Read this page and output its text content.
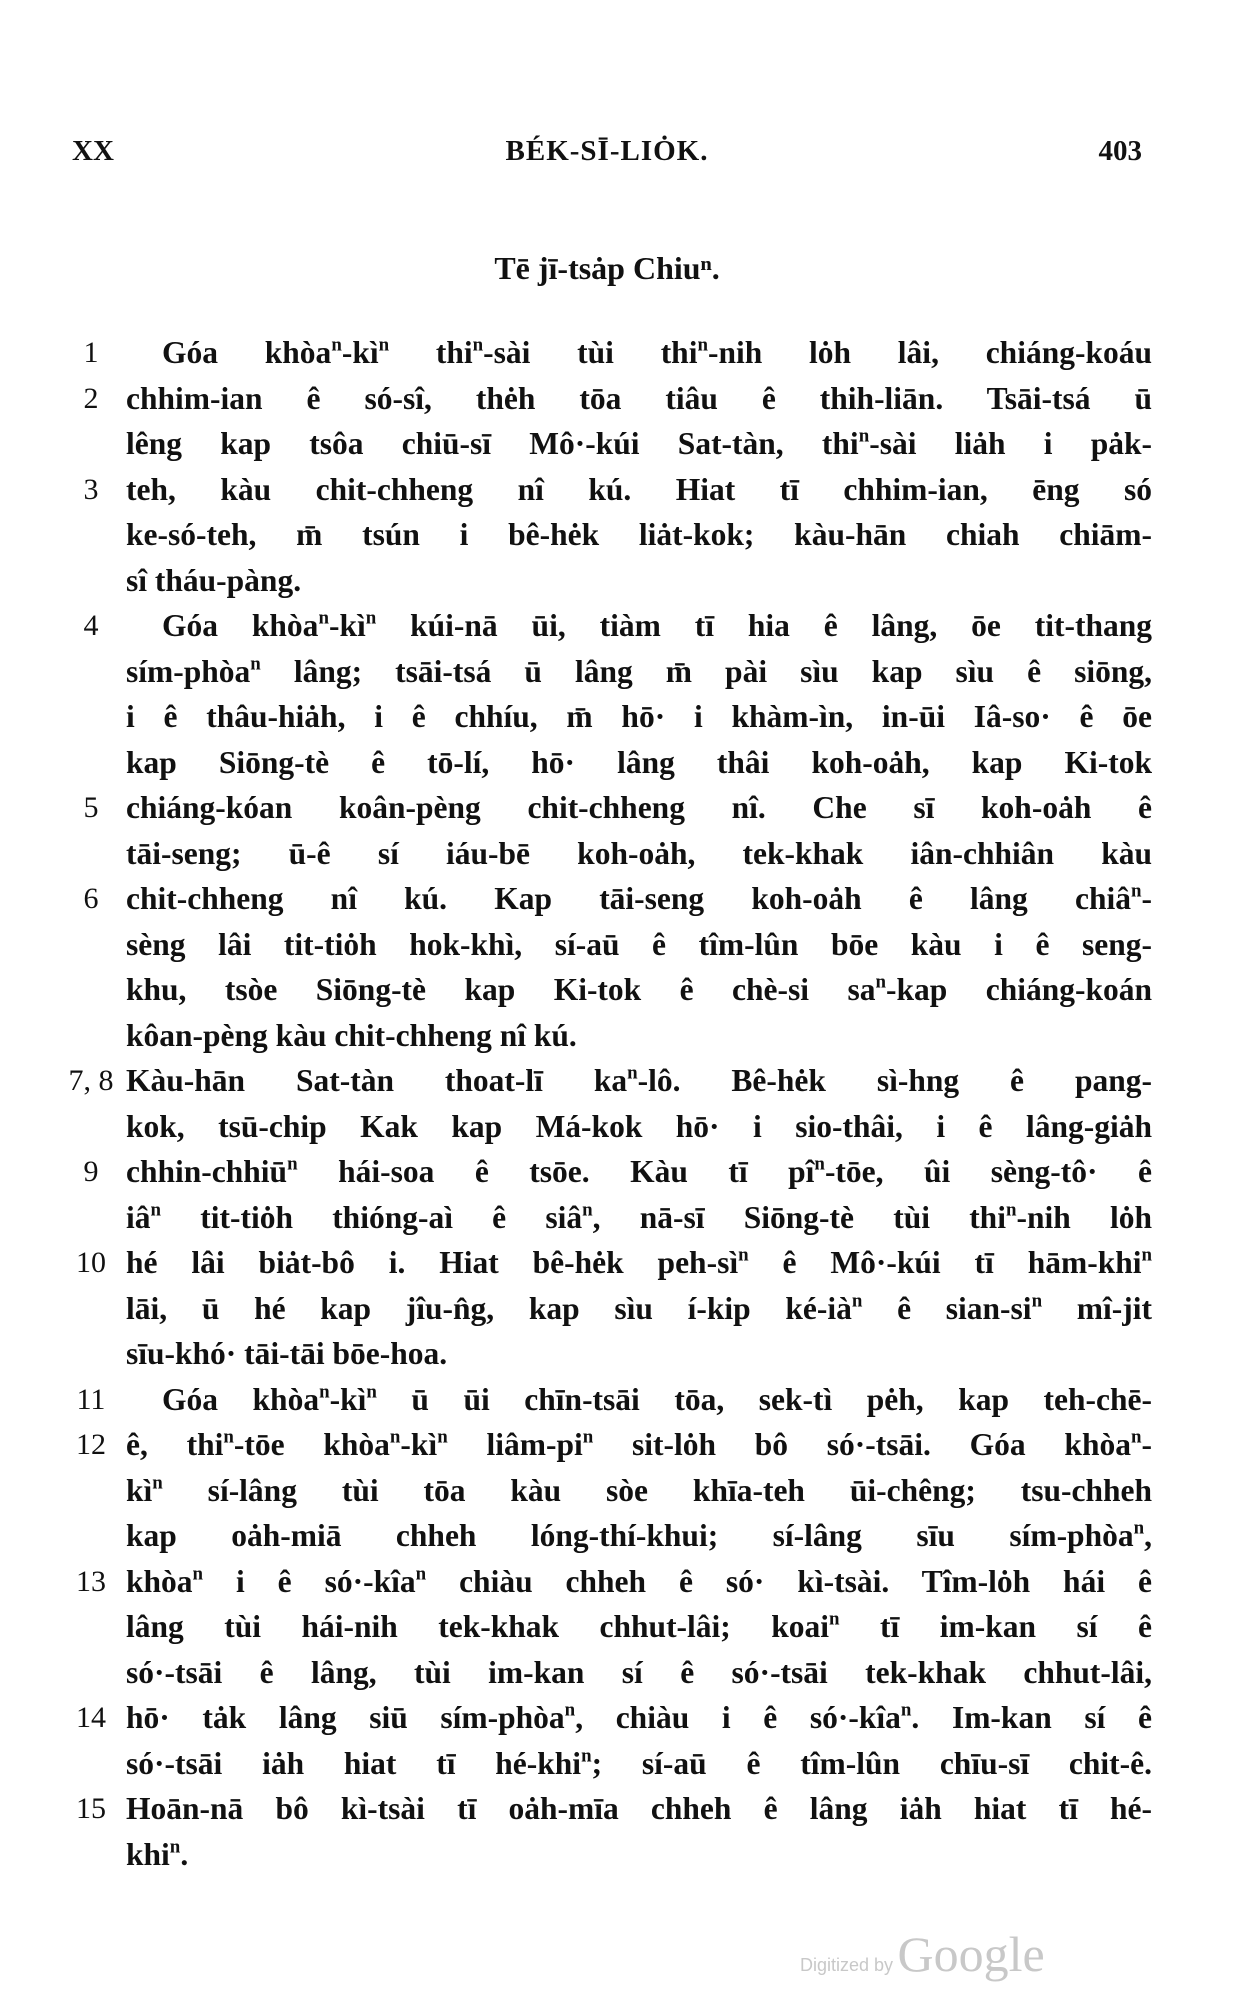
XX	BÉK-SĪ-LIȮK.	403
Tē jī-tsȧp Chiuⁿ.
1	Góa $khòa^n-kì^n$ thi$^n$-sài tùi thi$^n$-nih lȯh lâi, chiáng-koáu
2 chhim-ian ê só-sî, thėh tōa tiâu ê thih-liān. Tsāi-tsá ū
lêng kap tsôa chiū-sī Mô·-kúi Sat-tàn, thi$^n$-sài liȧh i pȧk-
3 teh, kàu chit-chheng nî kú. Hiat tī chhim-ian, ēng só
ke-só-teh, m̄ tsún i bê-hėk liȧt-kok; kàu-hān chiah chiām-
sî tháu-pàng.
4	Góa $khòa^n-kì^n$ kúi-nā ūi, tiàm tī hia ê lâng, ōe tit-thang
sím-phòa$^n$ lâng; tsāi-tsá ū lâng m̄ pài sìu kap sìu ê siōng,
i ê thâu-hiȧh, i ê chhíu, m̄ hō· i khàm-ìn, in-ūi Iâ-so· ê ōe
kap Siōng-tè ê tō-lí, hō· lâng thâi koh-oȧh, kap Ki-tok
5 chiáng-kóan koân-pèng chit-chheng nî. Che sī koh-oȧh ê
tāi-seng; ū-ê sí iáu-bē koh-oȧh, tek-khak iân-chhiân kàu
6 chit-chheng nî kú. Kap tāi-seng koh-oȧh ê lâng chiâ$^n$-
sèng lâi tit-tiȯh hok-khì, sí-aū ê tîm-lûn bōe kàu i ê seng-
khu, tsòe Siōng-tè kap Ki-tok ê chè-si $sa^n$-kap chiáng-koán
kôan-pèng kàu chit-chheng nî kú.
7, 8 Kàu-hān Sat-tàn thoat-lī $ka^n-lô$. Bê-hėk sì-hng ê pang-
kok, tsū-chip Kak kap Má-kok hō· i sio-thâi, i ê lâng-giȧh
9 chhin-chhiū$^n$ hái-soa ê tsōe. Kàu tī $pî^n$-tōe, ûi sèng-tô· ê
$iâ^n$ tit-tiȯh thióng-aì ê siâ$^n$, nā-sī Siōng-tè tùi thi$^n$-nih lȯh
10 hé lâi biȧt-bô i. Hiat bê-hėk peh-$sì^n$ ê Mô·-kúi tī hām-khi$^n$
lāi, ū hé kap jîu-n̂g, kap sìu í-kip $ké-ià^n$ ê sian-$si^n$ mî-jit
sīu-khó· tāi-tāi bōe-hoa.
11	Góa $khòa^n-kì^n$ ū ūi chīn-tsāi tōa, sek-tì pėh, kap teh-chē-
12 ê, thi$^n$-tōe $khòa^n-kì^n$ liâm-$pi^n$ sit-lȯh bô só·-tsāi. Góa khòa$^n$-
$kì^n$ sí-lâng tùi tōa kàu sòe khīa-teh ūi-chêng; tsu-chheh
kap oȧh-miā chheh lóng-thí-khui; sí-lâng sīu sím-phòa$^n$,
13 khòa$^n$ i ê só·-kîa$^n$ chiàu chheh ê só· kì-tsài. Tîm-lȯh hái ê
lâng tùi hái-nih tek-khak chhut-lâi; koai$^n$ tī im-kan sí ê
só·-tsāi ê lâng, tùi im-kan sí ê só·-tsāi tek-khak chhut-lâi,
14 hō· tȧk lâng siū sím-phòa$^n$, chiàu i ê só·-kîa$^n$. Im-kan sí ê
só·-tsāi iȧh hiat tī hé-khi$^n$; sí-aū ê tîm-lûn chīu-sī chit-ê.
15 Hoān-nā bô kì-tsài tī oȧh-mīa chheh ê lâng iȧh hiat tī hé-
khi$^n$.
Digitized by Google
